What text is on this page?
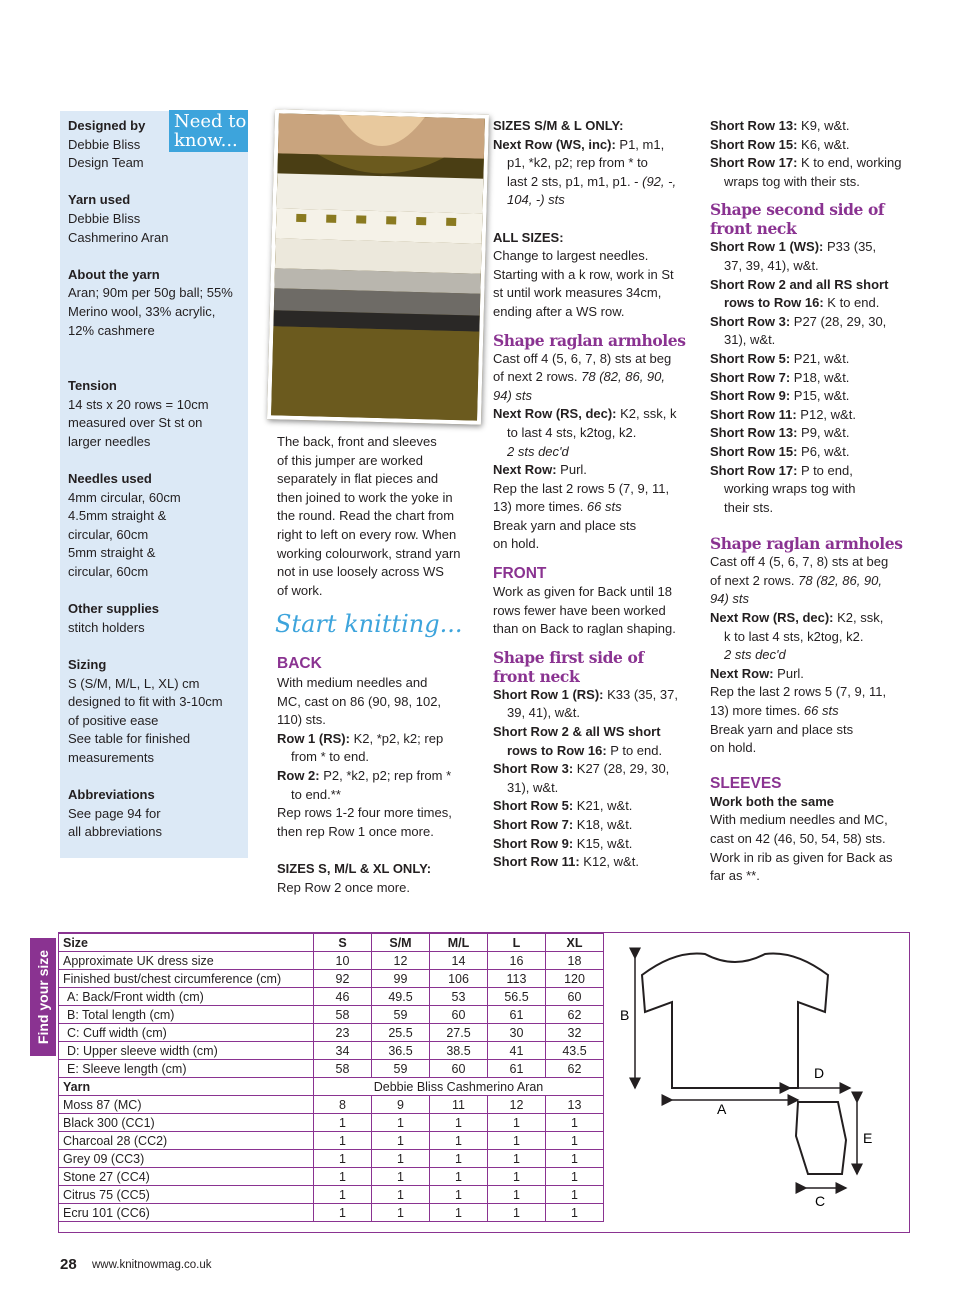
Need to know...
Designed by
Debbie Bliss
Design Team
Yarn used
Debbie Bliss
Cashmerino Aran
About the yarn
Aran; 90m per 50g ball; 55%
Merino wool, 33% acrylic,
12% cashmere
Tension
14 sts x 20 rows = 10cm
measured over St st on
larger needles
Needles used
4mm circular, 60cm
4.5mm straight &
circular, 60cm
5mm straight &
circular, 60cm
Other supplies
stitch holders
Sizing
S (S/M, M/L, L, XL) cm
designed to fit with 3-10cm
of positive ease
See table for finished
measurements
Abbreviations
See page 94 for
all abbreviations

The back, front and sleeves

of this jumper are worked

separately in flat pieces and

then joined to work the yoke in

the round. Read the chart from

right to left on every row. When

working colourwork, strand yarn

not in use loosely across WS

of work.

Start knitting...

BACK

With medium needles and

MC, cast on 86 (90, 98, 102,

110) sts.

Row 1 (RS): K2, *p2, k2; rep

from * to end.

Row 2: P2, *k2, p2; rep from *

to end.**

Rep rows 1-2 four more times,

then rep Row 1 once more.

SIZES S, M/L & XL ONLY:

Rep Row 2 once more.

SIZES S/M & L ONLY:

Next Row (WS, inc): P1, m1,

p1, *k2, p2; rep from * to

last 2 sts, p1, m1, p1. - (92, -,

104, -) sts

ALL SIZES:

Change to largest needles.

Starting with a k row, work in St

st until work measures 34cm,

ending after a WS row.

Shape raglan armholes

Cast off 4 (5, 6, 7, 8) sts at beg

of next 2 rows. 78 (82, 86, 90,

94) sts

Next Row (RS, dec): K2, ssk, k

to last 4 sts, k2tog, k2.

2 sts dec'd

Next Row: Purl.

Rep the last 2 rows 5 (7, 9, 11,

13) more times. 66 sts

Break yarn and place sts

on hold.

FRONT

Work as given for Back until 18

rows fewer have been worked

than on Back to raglan shaping.

Shape first side of

front neck

Short Row 1 (RS): K33 (35, 37,

39, 41), w&t.

Short Row 2 & all WS short

rows to Row 16: P to end.

Short Row 3: K27 (28, 29, 30,

31), w&t.

Short Row 5: K21, w&t.

Short Row 7: K18, w&t.

Short Row 9: K15, w&t.

Short Row 11: K12, w&t.

Short Row 13: K9, w&t.

Short Row 15: K6, w&t.

Short Row 17: K to end, working

wraps tog with their sts.

Shape second side of

front neck

Short Row 1 (WS): P33 (35,

37, 39, 41), w&t.

Short Row 2 and all RS short

rows to Row 16: K to end.

Short Row 3: P27 (28, 29, 30,

31), w&t.

Short Row 5: P21, w&t.

Short Row 7: P18, w&t.

Short Row 9: P15, w&t.

Short Row 11: P12, w&t.

Short Row 13: P9, w&t.

Short Row 15: P6, w&t.

Short Row 17: P to end,

working wraps tog with

their sts.

Shape raglan armholes

Cast off 4 (5, 6, 7, 8) sts at beg

of next 2 rows. 78 (82, 86, 90,

94) sts

Next Row (RS, dec): K2, ssk,

k to last 4 sts, k2tog, k2.

2 sts dec'd

Next Row: Purl.

Rep the last 2 rows 5 (7, 9, 11,

13) more times. 66 sts

Break yarn and place sts

on hold.

SLEEVES

Work both the same

With medium needles and MC,

cast on 42 (46, 50, 54, 58) sts.

Work in rib as given for Back as

far as **.

Find your size
Size	S	S/M	M/L	L	XL
Approximate UK dress size	10	12	14	16	18
Finished bust/chest circumference (cm)	92	99	106	113	120
A: Back/Front width (cm)	46	49.5	53	56.5	60
B: Total length (cm)	58	59	60	61	62
C: Cuff width (cm)	23	25.5	27.5	30	32
D: Upper sleeve width (cm)	34	36.5	38.5	41	43.5
E: Sleeve length (cm)	58	59	60	61	62
Yarn	Debbie Bliss Cashmerino Aran				
Moss 87 (MC)	8	9	11	12	13
Black 300 (CC1)	1	1	1	1	1
Charcoal 28 (CC2)	1	1	1	1	1
Grey 09 (CC3)	1	1	1	1	1
Stone 27 (CC4)	1	1	1	1	1
Citrus 75 (CC5)	1	1	1	1	1
Ecru 101 (CC6)	1	1	1	1	1
B
A
D
C
E
28 www.knitnowmag.co.uk
